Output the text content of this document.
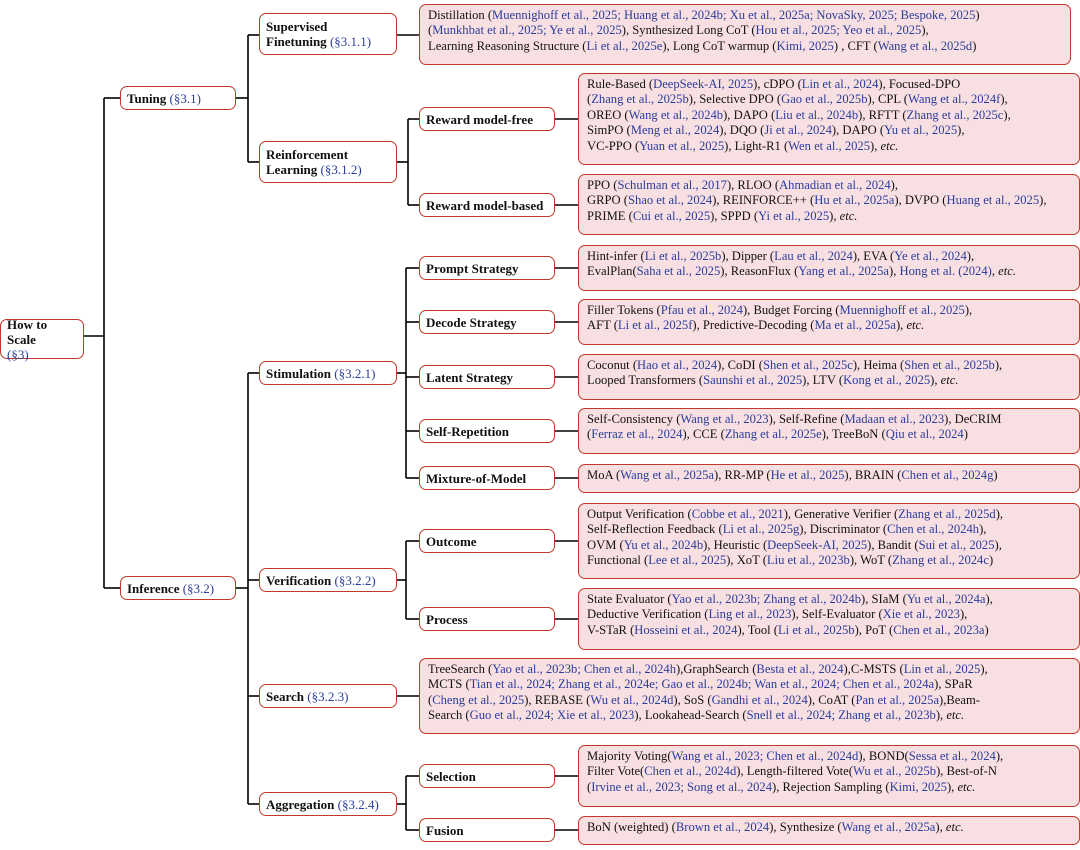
How to Scale
(§3)
Tuning
(§3.1)
Supervised Finetuning (§3.1.1)
Reinforcement Learning (§3.1.2)
Reward model-free
Reward model-based
Inference
(§3.2)
Stimulation
(§3.2.1)
Prompt Strategy
Decode Strategy
Latent Strategy
Self-Repetition
Mixture-of-Model
Verification
(§3.2.2)
Outcome
Process
Search
(§3.2.3)
Aggregation
(§3.2.4)
Selection
Fusion
Distillation (Muennighoff et al., 2025; Huang et al., 2024b; Xu et al., 2025a; NovaSky, 2025; Bespoke, 2025)
(Munkhbat et al., 2025; Ye et al., 2025), Synthesized Long CoT (Hou et al., 2025; Yeo et al., 2025),
Learning Reasoning Structure (Li et al., 2025e), Long CoT warmup (Kimi, 2025) , CFT (Wang et al., 2025d)
Rule-Based (DeepSeek-AI, 2025), cDPO (Lin et al., 2024), Focused-DPO
(Zhang et al., 2025b), Selective DPO (Gao et al., 2025b), CPL (Wang et al., 2024f),
OREO (Wang et al., 2024b), DAPO (Liu et al., 2024b), RFTT (Zhang et al., 2025c),
SimPO (Meng et al., 2024), DQO (Ji et al., 2024), DAPO (Yu et al., 2025),
VC-PPO (Yuan et al., 2025), Light-R1 (Wen et al., 2025), etc.
PPO (Schulman et al., 2017), RLOO (Ahmadian et al., 2024),
GRPO (Shao et al., 2024), REINFORCE++ (Hu et al., 2025a), DVPO (Huang et al., 2025),
PRIME (Cui et al., 2025), SPPD (Yi et al., 2025), etc.
Hint-infer (Li et al., 2025b), Dipper (Lau et al., 2024), EVA (Ye et al., 2024),
EvalPlan(Saha et al., 2025), ReasonFlux (Yang et al., 2025a), Hong et al. (2024), etc.
Filler Tokens (Pfau et al., 2024), Budget Forcing (Muennighoff et al., 2025),
AFT (Li et al., 2025f), Predictive-Decoding (Ma et al., 2025a), etc.
Coconut (Hao et al., 2024), CoDI (Shen et al., 2025c), Heima (Shen et al., 2025b),
Looped Transformers (Saunshi et al., 2025), LTV (Kong et al., 2025), etc.
Self-Consistency (Wang et al., 2023), Self-Refine (Madaan et al., 2023), DeCRIM
(Ferraz et al., 2024), CCE (Zhang et al., 2025e), TreeBoN (Qiu et al., 2024)
MoA (Wang et al., 2025a), RR-MP (He et al., 2025), BRAIN (Chen et al., 2024g)
Output Verification (Cobbe et al., 2021), Generative Verifier (Zhang et al., 2025d),
Self-Reflection Feedback (Li et al., 2025g), Discriminator (Chen et al., 2024h),
OVM (Yu et al., 2024b), Heuristic (DeepSeek-AI, 2025), Bandit (Sui et al., 2025),
Functional (Lee et al., 2025), XoT (Liu et al., 2023b), WoT (Zhang et al., 2024c)
State Evaluator (Yao et al., 2023b; Zhang et al., 2024b), SIaM (Yu et al., 2024a),
Deductive Verification (Ling et al., 2023), Self-Evaluator (Xie et al., 2023),
V-STaR (Hosseini et al., 2024), Tool (Li et al., 2025b), PoT (Chen et al., 2023a)
TreeSearch (Yao et al., 2023b; Chen et al., 2024h),GraphSearch (Besta et al., 2024),C-MSTS (Lin et al., 2025),
MCTS (Tian et al., 2024; Zhang et al., 2024e; Gao et al., 2024b; Wan et al., 2024; Chen et al., 2024a), SPaR
(Cheng et al., 2025), REBASE (Wu et al., 2024d), SoS (Gandhi et al., 2024), CoAT (Pan et al., 2025a),Beam-
Search (Guo et al., 2024; Xie et al., 2023), Lookahead-Search (Snell et al., 2024; Zhang et al., 2023b), etc.
Majority Voting(Wang et al., 2023; Chen et al., 2024d), BOND(Sessa et al., 2024),
Filter Vote(Chen et al., 2024d), Length-filtered Vote(Wu et al., 2025b), Best-of-N
(Irvine et al., 2023; Song et al., 2024), Rejection Sampling (Kimi, 2025), etc.
BoN (weighted) (Brown et al., 2024), Synthesize (Wang et al., 2025a), etc.
